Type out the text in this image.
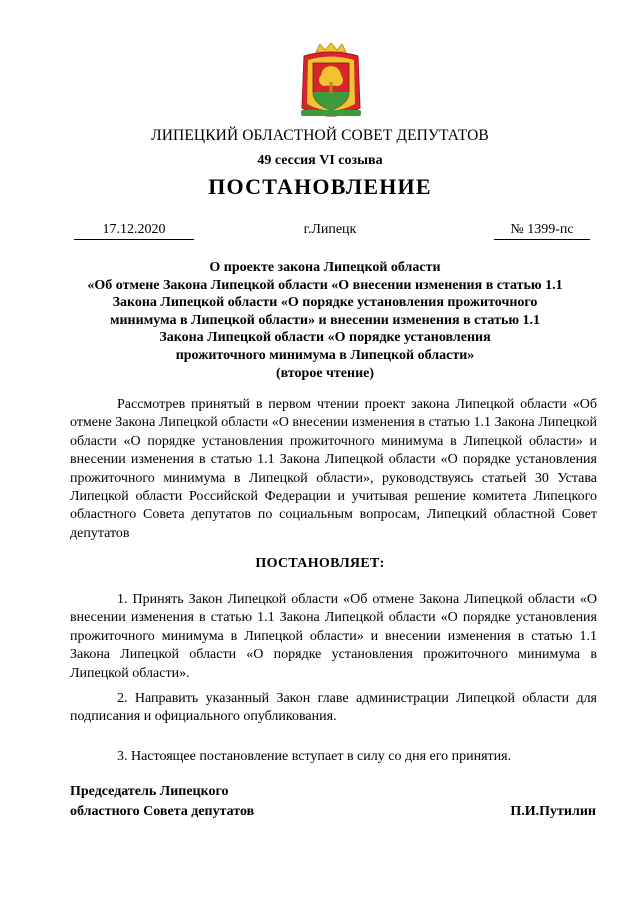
ЛИПЕЦКИЙ ОБЛАСТНОЙ СОВЕТ ДЕПУТАТОВ
49 сессия VI созыва
ПОСТАНОВЛЕНИЕ
17.12.2020	г.Липецк	№ 1399-пс
О проекте закона Липецкой области
«Об отмене Закона Липецкой области «О внесении изменения в статью 1.1
Закона Липецкой области «О порядке установления прожиточного
минимума в Липецкой области» и внесении изменения в статью 1.1
Закона Липецкой области «О порядке установления
прожиточного минимума в Липецкой области»
(второе чтение)
Рассмотрев принятый в первом чтении проект закона Липецкой области «Об отмене Закона Липецкой области «О внесении изменения в статью 1.1 Закона Липецкой области «О порядке установления прожиточного минимума в Липецкой области» и внесении изменения в статью 1.1 Закона Липецкой области «О порядке установления прожиточного минимума в Липецкой области», руководствуясь статьей 30 Устава Липецкой области Российской Федерации и учитывая решение комитета Липецкого областного Совета депутатов по социальным вопросам, Липецкий областной Совет депутатов
ПОСТАНОВЛЯЕТ:
1. Принять Закон Липецкой области «Об отмене Закона Липецкой области «О внесении изменения в статью 1.1 Закона Липецкой области «О порядке установления прожиточного минимума в Липецкой области» и внесении изменения в статью 1.1 Закона Липецкой области «О порядке установления прожиточного минимума в Липецкой области».
2. Направить указанный Закон главе администрации Липецкой области для подписания и официального опубликования.
3. Настоящее постановление вступает в силу со дня его принятия.
Председатель Липецкого
областного Совета депутатов	П.И.Путилин
